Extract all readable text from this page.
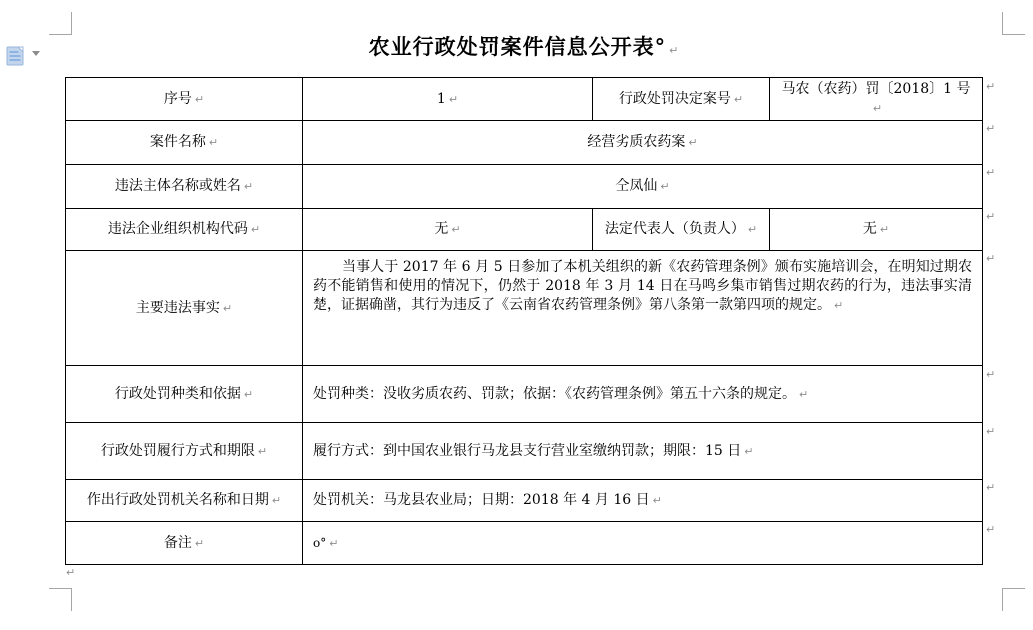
农业行政处罚案件信息公开表° ↵
序号 ↵	1 ↵	行政处罚决定案号 ↵	马农（农药）罚〔2018〕1 号↵
案件名称 ↵	经营劣质农药案 ↵		
违法主体名称或姓名 ↵	仝凤仙 ↵		
违法企业组织机构代码 ↵	无 ↵	法定代表人（负责人） ↵	无 ↵
主要违法事实 ↵	当事人于 2017 年 6 月 5 日参加了本机关组织的新《农药管理条例》颁布实施培训会，在明知过期农药不能销售和使用的情况下，仍然于 2018 年 3 月 14 日在马鸣乡集市销售过期农药的行为，违法事实清楚，证据确凿，其行为违反了《云南省农药管理条例》第八条第一款第四项的规定。 ↵		

行政处罚种类和依据 ↵	处罚种类：没收劣质农药、罚款；依据：《农药管理条例》第五十六条的规定。 ↵		
行政处罚履行方式和期限 ↵	履行方式：到中国农业银行马龙县支行营业室缴纳罚款；期限：15 日 ↵		
作出行政处罚机关名称和日期 ↵	处罚机关：马龙县农业局；日期：2018 年 4 月 16 日 ↵		
备注 ↵	o° ↵		
↵
↵
↵
↵
↵
↵
↵
↵
↵
↵
